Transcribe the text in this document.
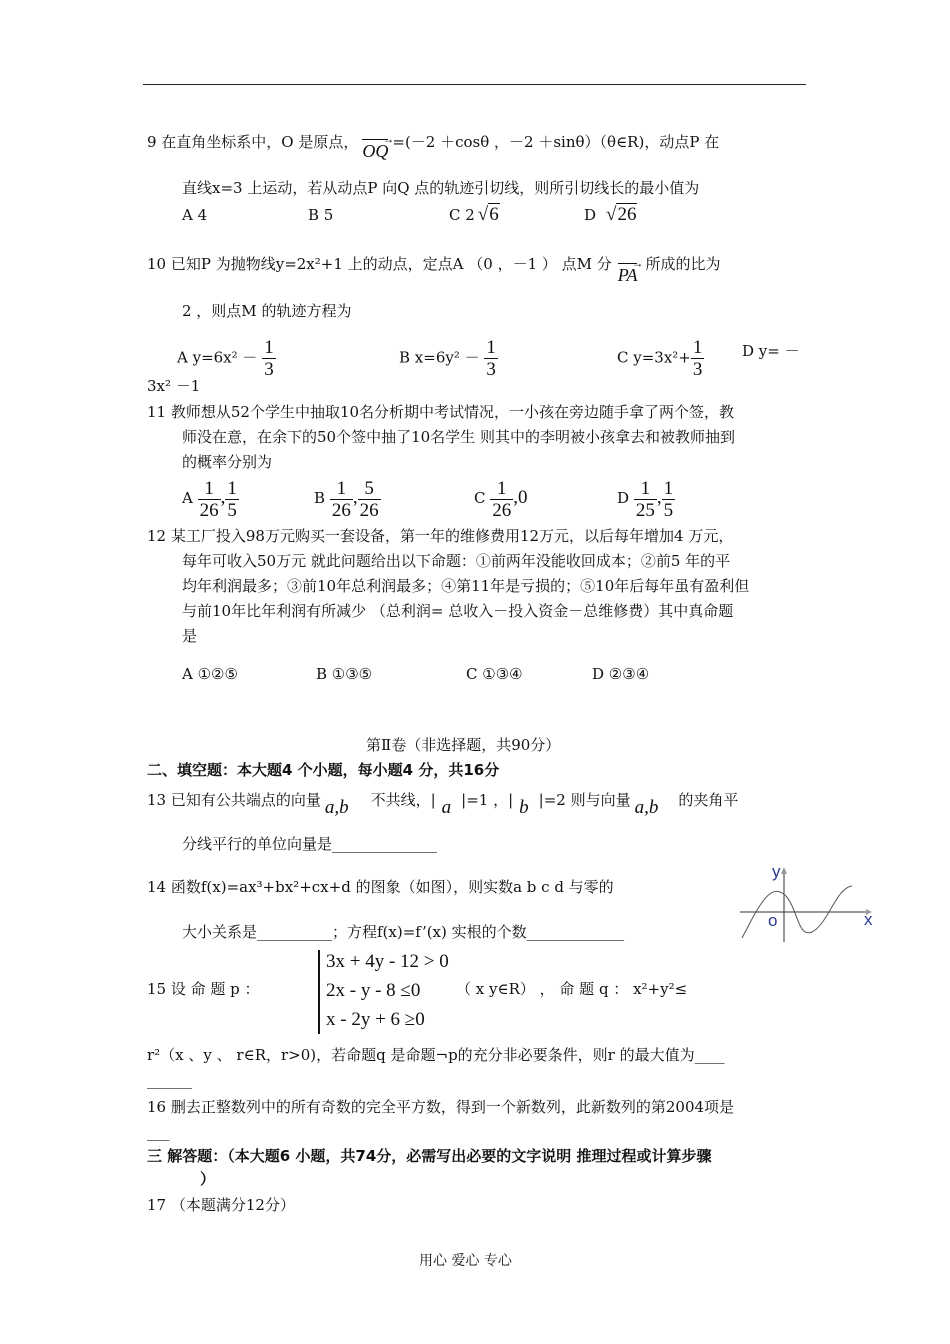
9 在直角坐标系中，O 是原点， OQ → =(－2 ＋cosθ ，－2 ＋sinθ）（θ∈R)，动点P 在
直线x=3 上运动，若从动点P 向Q 点的轨迹引切线，则所引切线长的最小值为
A 4	B 5	C 2 √6	D √26
10 已知P 为抛物线y=2x²+1 上的动点，定点A （0 ，－1 ） 点M 分PA →所成的比为
2 ，则点M 的轨迹方程为
A $y=6x^2 - \frac{1}{3}$	B $x=6y^2 - \frac{1}{3}$	C $y=3x^2+ \frac{1}{3}$	D y= －
3x² －1
11 教师想从52个学生中抽取10名分析期中考试情况，一小孩在旁边随手拿了两个签，教
师没在意，在余下的50个签中抽了10名学生 则其中的李明被小孩拿去和被教师抽到
的概率分别为
A $\frac{1}{26}$ , $\frac{1}{5}$	B $\frac{1}{26}$ , $\frac{5}{26}$	C $\frac{1}{26} ,0$	D $\frac{1}{25}$ , $\frac{1}{5}$
12 某工厂投入98万元购买一套设备，第一年的维修费用12万元，以后每年增加4 万元，
每年可收入50万元 就此问题给出以下命题：①前两年没能收回成本；②前5 年的平
均年利润最多；③前10年总利润最多；④第11年是亏损的；⑤10年后每年虽有盈利但
与前10年比年利润有所减少 （总利润= 总收入－投入资金－总维修费）其中真命题
是
A ①②⑤	B ①③⑤	C ①③④	D ②③④
第Ⅱ卷（非选择题，共90分）
二、填空题：本大题4 个小题，每小题4 分，共16分
13 已知有公共端点的向量 a,b 不共线，| a |=1 ，| b |=2 则与向量 a,b 的夹角平
分线平行的单位向量是______________
14 函数f(x)=ax³+bx²+cx+d 的图象（如图），则实数a b c d 与零的
大小关系是__________；方程f(x)=f’(x) 实根的个数_____________
y
o	x
15 设 命 题 p ：
3x + 4y - 12 > 0
2x - y - 8 ≤0
x - 2y + 6 ≥0
（ x y∈R） ， 命 题 q ： x²+y²≤
r²（x 、y 、 r∈R，r>0)，若命题q 是命题¬p的充分非必要条件，则r 的最大值为____
______
16 删去正整数列中的所有奇数的完全平方数，得到一个新数列，此新数列的第2004项是
___
三 解答题：（本大题6 小题，共74分，必需写出必要的文字说明 推理过程或计算步骤
）
17 （本题满分12分）
用心 爱心 专心
